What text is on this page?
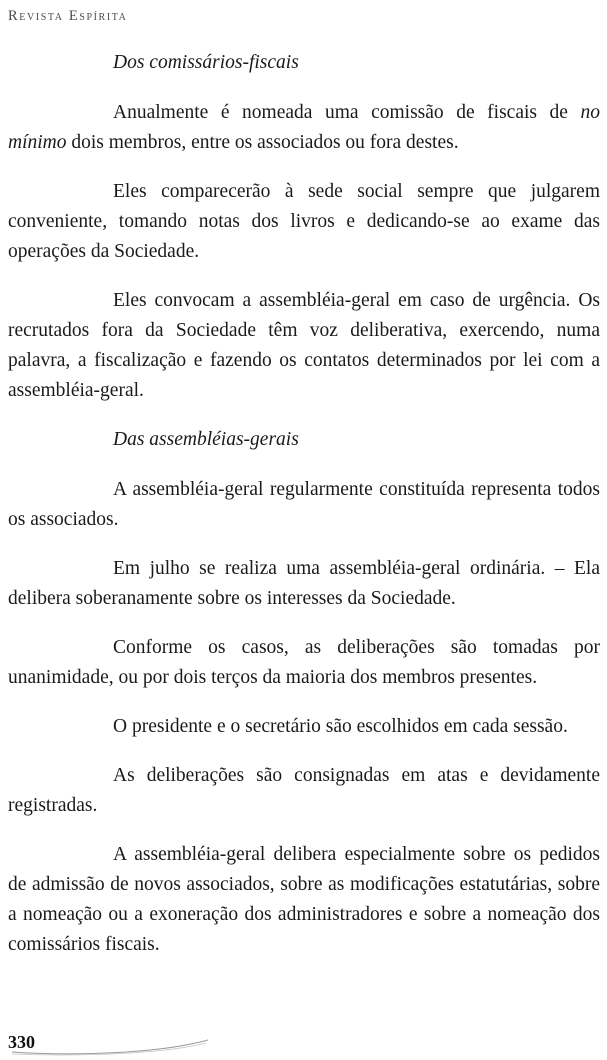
Revista Espírita

Dos comissários-fiscais

Anualmente é nomeada uma comissão de fiscais de no mínimo dois membros, entre os associados ou fora destes.

Eles comparecerão à sede social sempre que julgarem conveniente, tomando notas dos livros e dedicando-se ao exame das operações da Sociedade.

Eles convocam a assembléia-geral em caso de urgência. Os recrutados fora da Sociedade têm voz deliberativa, exercendo, numa palavra, a fiscalização e fazendo os contatos determinados por lei com a assembléia-geral.

Das assembléias-gerais

A assembléia-geral regularmente constituída representa todos os associados.

Em julho se realiza uma assembléia-geral ordinária. – Ela delibera soberanamente sobre os interesses da Sociedade.

Conforme os casos, as deliberações são tomadas por unanimidade, ou por dois terços da maioria dos membros presentes.

O presidente e o secretário são escolhidos em cada sessão.

As deliberações são consignadas em atas e devidamente registradas.

A assembléia-geral delibera especialmente sobre os pedidos de admissão de novos associados, sobre as modificações estatutárias, sobre a nomeação ou a exoneração dos administradores e sobre a nomeação dos comissários fiscais.

330
